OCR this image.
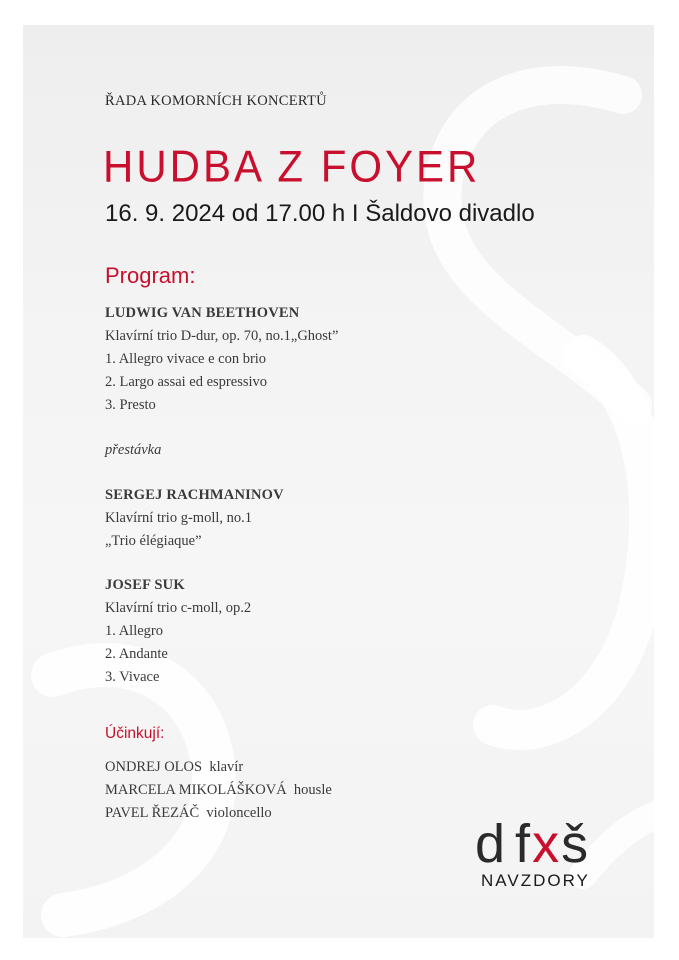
ŘADA KOMORNÍCH KONCERTŮ
HUDBA Z FOYER
16. 9. 2024 od 17.00 h I Šaldovo divadlo
Program:
LUDWIG VAN BEETHOVEN
Klavírní trio D-dur, op. 70, no.1„Ghost”
1. Allegro vivace e con brio
2. Largo assai ed espressivo
3. Presto
přestávka
SERGEJ RACHMANINOV
Klavírní trio g-moll, no.1
„Trio élégiaque”
JOSEF SUK
Klavírní trio c-moll, op.2
1. Allegro
2. Andante
3. Vivace
Účinkují:
ONDREJ OLOS klavír
MARCELA MIKOLÁŠKOVÁ housle
PAVEL ŘEZÁČ violoncello
d fxš
NAVZDORY
